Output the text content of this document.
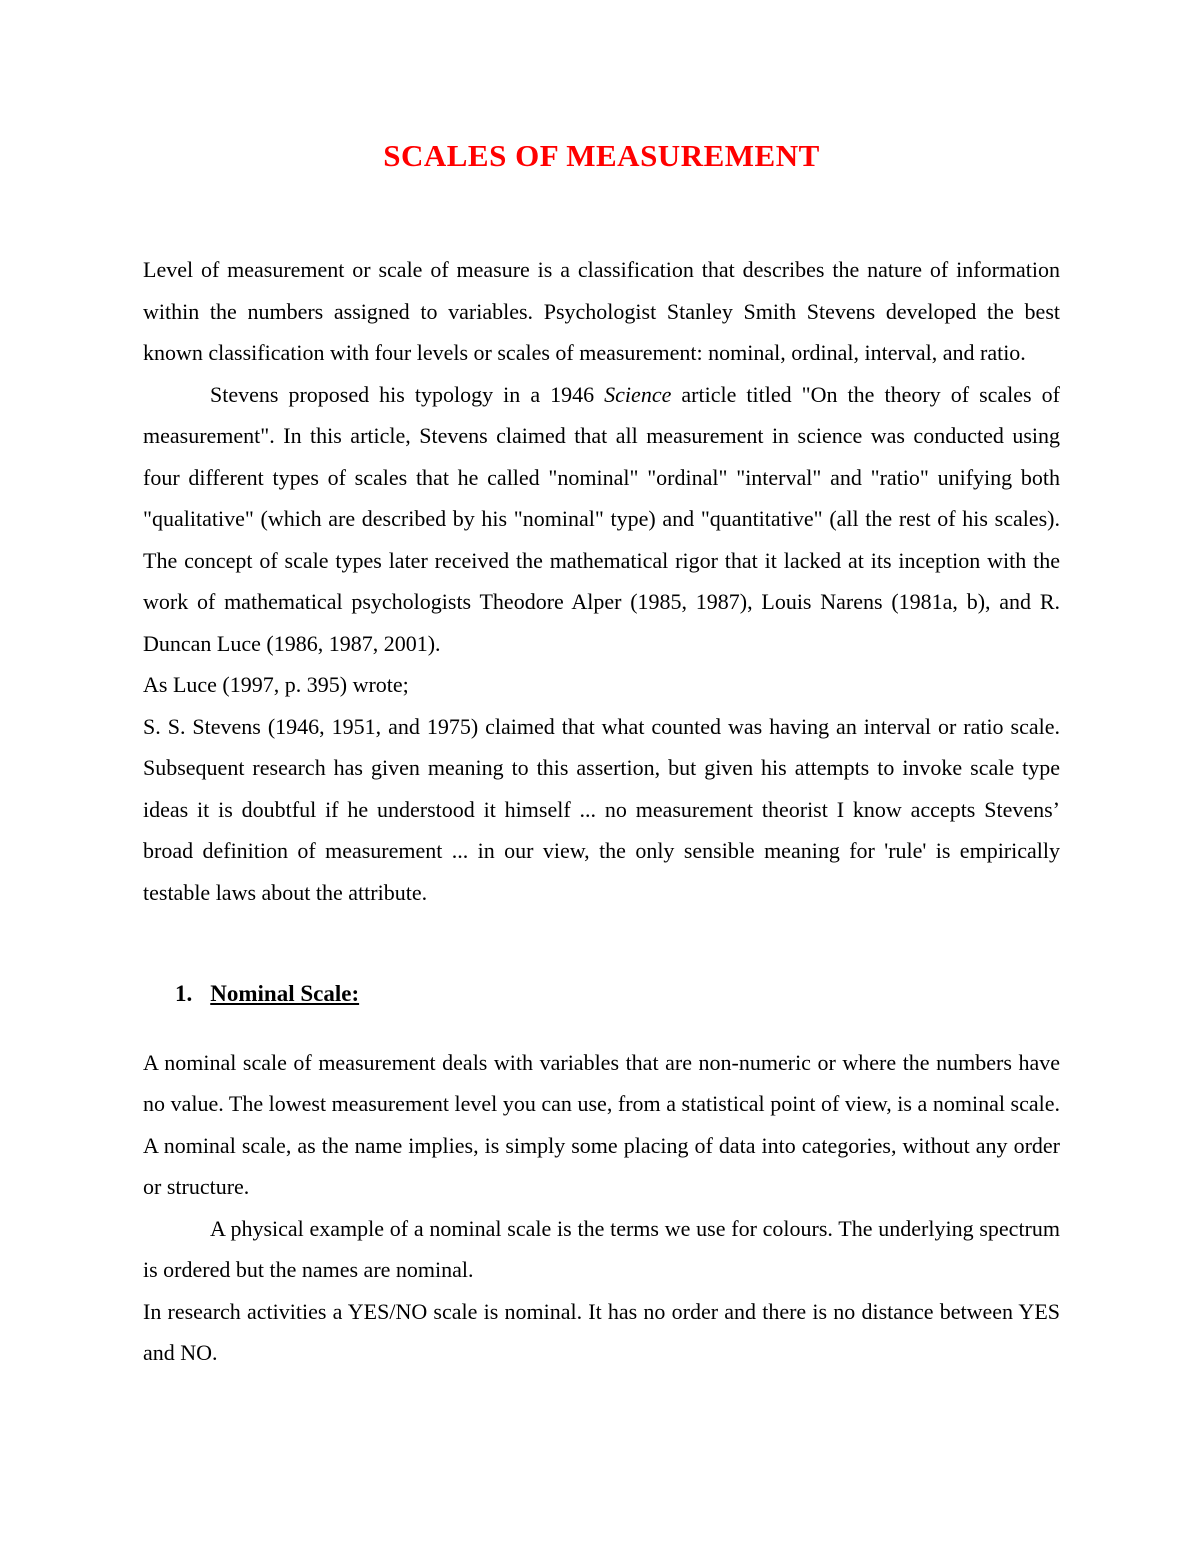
SCALES OF MEASUREMENT

Level of measurement or scale of measure is a classification that describes the nature of information within the numbers assigned to variables. Psychologist Stanley Smith Stevens developed the best known classification with four levels or scales of measurement: nominal, ordinal, interval, and ratio.

Stevens proposed his typology in a 1946 Science article titled "On the theory of scales of measurement". In this article, Stevens claimed that all measurement in science was conducted using four different types of scales that he called "nominal" "ordinal" "interval" and "ratio" unifying both "qualitative" (which are described by his "nominal" type) and "quantitative" (all the rest of his scales). The concept of scale types later received the mathematical rigor that it lacked at its inception with the work of mathematical psychologists Theodore Alper (1985, 1987), Louis Narens (1981a, b), and R. Duncan Luce (1986, 1987, 2001).

As Luce (1997, p. 395) wrote;

S. S. Stevens (1946, 1951, and 1975) claimed that what counted was having an interval or ratio scale. Subsequent research has given meaning to this assertion, but given his attempts to invoke scale type ideas it is doubtful if he understood it himself ... no measurement theorist I know accepts Stevens’ broad definition of measurement ... in our view, the only sensible meaning for 'rule' is empirically testable laws about the attribute.

1. Nominal Scale:

A nominal scale of measurement deals with variables that are non-numeric or where the numbers have no value. The lowest measurement level you can use, from a statistical point of view, is a nominal scale. A nominal scale, as the name implies, is simply some placing of data into categories, without any order or structure.

A physical example of a nominal scale is the terms we use for colours. The underlying spectrum is ordered but the names are nominal.

In research activities a YES/NO scale is nominal. It has no order and there is no distance between YES and NO.
